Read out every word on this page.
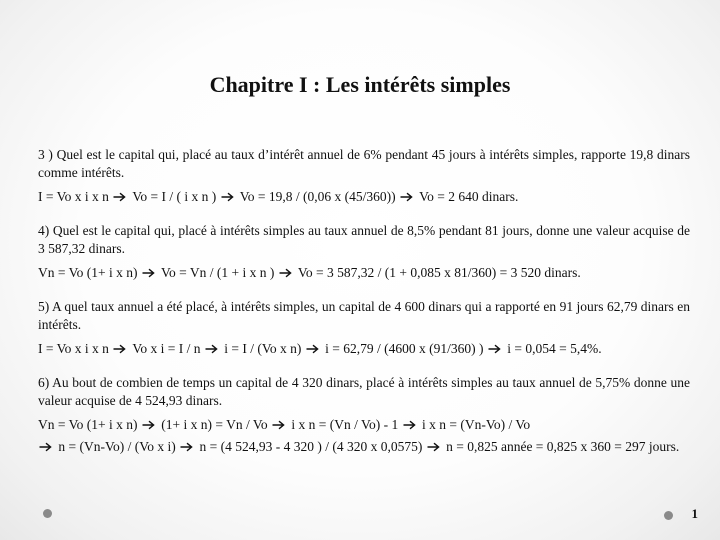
Chapitre I : Les intérêts simples

3 ) Quel est le capital qui, placé au taux d’intérêt annuel de 6% pendant 45 jours à intérêts simples, rapporte 19,8 dinars comme intérêts.

I = Vo x i x n  Vo = I / ( i x n )  Vo = 19,8 / (0,06 x (45/360))  Vo = 2 640 dinars.

4) Quel est le capital qui, placé à intérêts simples au taux annuel de 8,5% pendant 81 jours, donne une valeur acquise de 3 587,32 dinars.

Vn = Vo (1+ i x n)  Vo = Vn / (1 + i x n )  Vo = 3 587,32 / (1 + 0,085 x 81/360) = 3 520 dinars.

5) A quel taux annuel a été placé, à intérêts simples, un capital de 4 600 dinars qui a rapporté en 91 jours 62,79 dinars en intérêts.

I = Vo x i x n  Vo x i = I / n  i = I / (Vo x n)  i = 62,79 / (4600 x (91/360) )  i = 0,054 = 5,4%.

6) Au bout de combien de temps un capital de 4 320 dinars, placé à intérêts simples au taux annuel de 5,75% donne une valeur acquise de 4 524,93 dinars.

Vn = Vo (1+ i x n)  (1+ i x n) = Vn / Vo  i x n = (Vn / Vo) - 1  i x n = (Vn-Vo) / Vo

n = (Vn-Vo) / (Vo x i)  n = (4 524,93 - 4 320 ) / (4 320 x 0,0575)  n = 0,825 année = 0,825 x 360 = 297 jours.

1
